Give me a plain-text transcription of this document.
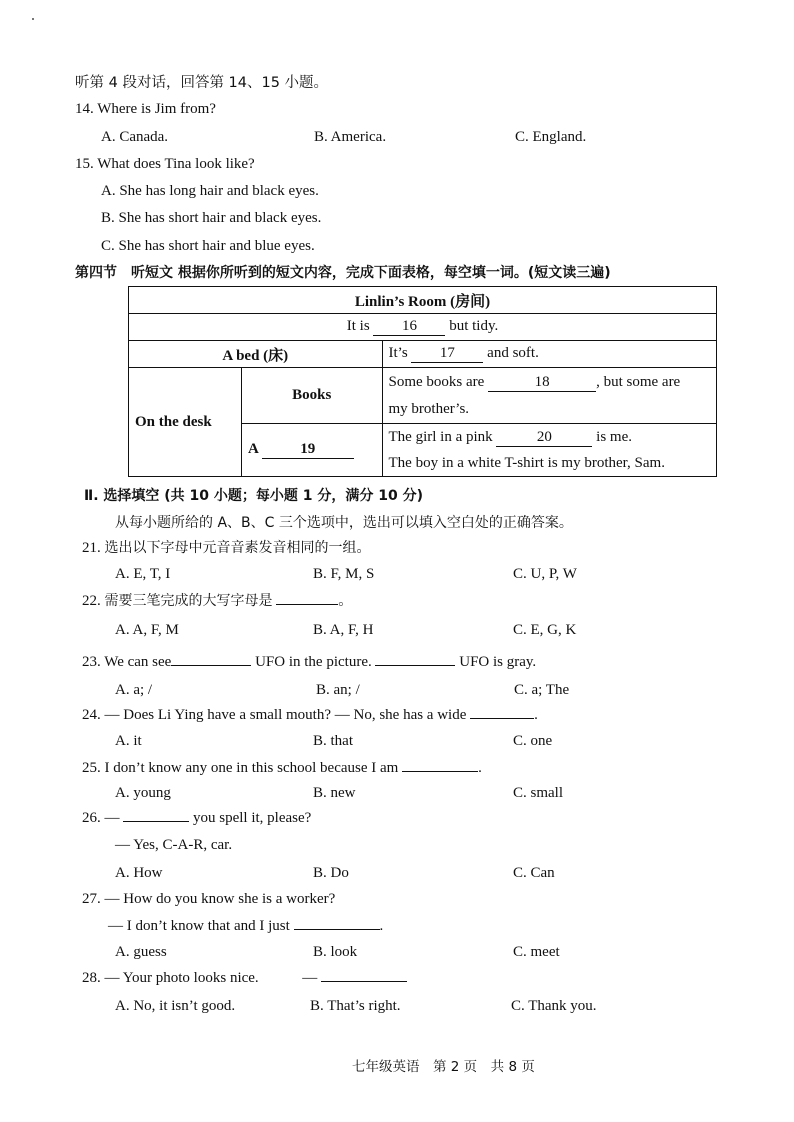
听第 4 段对话，回答第 14、15 小题。
14. Where is Jim from?
A. Canada.	B. America.	C. England.
15. What does Tina look like?
A. She has long hair and black eyes.
B. She has short hair and black eyes.
C. She has short hair and blue eyes.
第四节　听短文 根据你所听到的短文内容，完成下面表格，每空填一词。(短文读三遍)
Linlin’s Room (房间)		
It is 16 but tidy.		
A bed (床)		It’s 17 and soft.
On the desk	Books	Some books are 18 , but some are
my brother’s.
	A 19	The girl in a pink 20 is me.
The boy in a white T-shirt is my brother, Sam.
Ⅱ. 选择填空 (共 10 小题；每小题 1 分，满分 10 分)
从每小题所给的 A、B、C 三个选项中，选出可以填入空白处的正确答案。
21. 选出以下字母中元音音素发音相同的一组。
A. E, T, I	B. F, M, S	C. U, P, W
22. 需要三笔完成的大写字母是	。
A. A, F, M	B. A, F, H	C. E, G, K
23. We can see	UFO in the picture.	UFO is gray.
A. a; /	B. an; /	C. a; The
24. — Does Li Ying have a small mouth? — No, she has a wide	.
A. it	B. that	C. one
25. I don’t know any one in this school because I am	.
A. young	B. new	C. small
26. —	you spell it, please?
— Yes, C-A-R, car.
A. How	B. Do	C. Can
27. — How do you know she is a worker?
— I don’t know that and I just	.
A. guess	B. look	C. meet
28. — Your photo looks nice.	—
A. No, it isn’t good.	B. That’s right.	C. Thank you.
七年级英语　第 2 页　共 8 页
